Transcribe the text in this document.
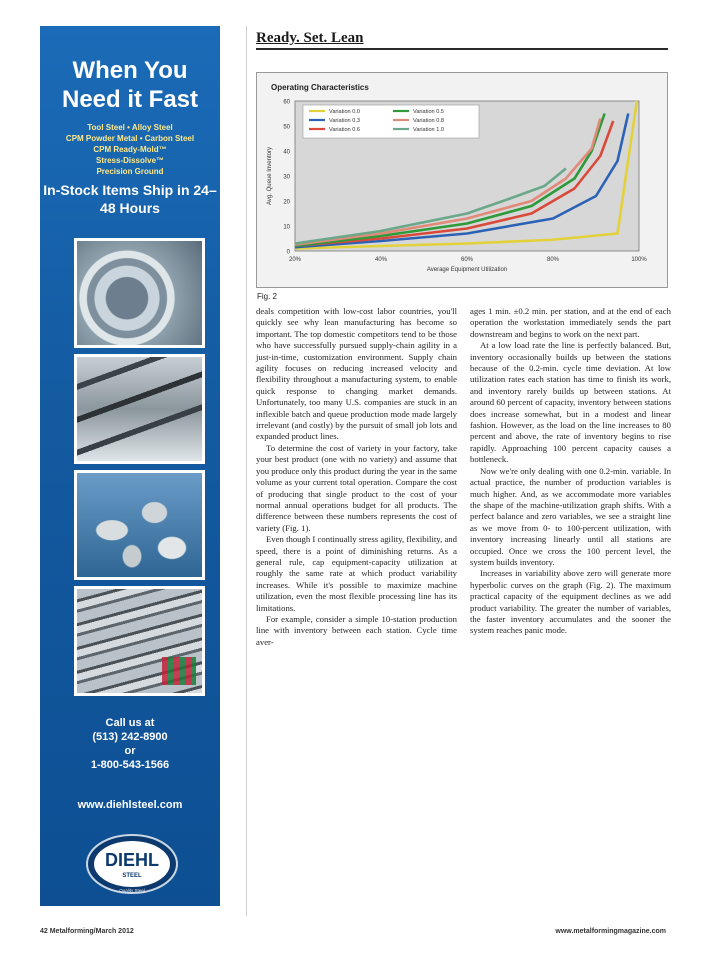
When You Need it Fast
Tool Steel • Alloy Steel
CPM Powder Metal • Carbon Steel
CPM Ready-Mold™
Stress-Dissolve™
Precision Ground
In-Stock Items Ship in 24–48 Hours
Call us at
(513) 242-8900
or
1-800-543-1566
www.diehlsteel.com
DIEHL
STEEL
Quality Steel
Ready. Set. Lean
0
10
20
30
40
50
60
20%	40%	60%	80%	100%
Average Equipment Utilization
Avg. Queue Inventory
Variation 0.0
Variation 0.3
Variation 0.6
Variation 0.5
Variation 0.8
Variation 1.0
Operating Characteristics
Fig. 2

deals competition with low-cost labor countries, you'll quickly see why lean manufacturing has become so important. The top domestic competitors tend to be those who have successfully pursued supply-chain agility in a just-in-time, customization environment. Supply chain agility focuses on reducing increased velocity and flexibility throughout a manufacturing system, to enable quick response to changing market demands. Unfortunately, too many U.S. companies are stuck in an inflexible batch and queue production mode made largely irrelevant (and costly) by the pursuit of small job lots and expanded product lines.

To determine the cost of variety in your factory, take your best product (one with no variety) and assume that you produce only this product during the year in the same volume as your current total operation. Compare the cost of producing that single product to the cost of your normal annual operations budget for all products. The difference between these numbers represents the cost of variety (Fig. 1).

Even though I continually stress agility, flexibility, and speed, there is a point of diminishing returns. As a general rule, cap equipment-capacity utilization at roughly the same rate at which product variability increases. While it's possible to maximize machine utilization, even the most flexible processing line has its limitations.

For example, consider a simple 10-station production line with inventory between each station. Cycle time aver-

ages 1 min. ±0.2 min. per station, and at the end of each operation the workstation immediately sends the part downstream and begins to work on the next part.

At a low load rate the line is perfectly balanced. But, inventory occasionally builds up between the stations because of the 0.2-min. cycle time deviation. At low utilization rates each station has time to finish its work, and inventory rarely builds up between stations. At around 60 percent of capacity, inventory between stations does increase somewhat, but in a modest and linear fashion. However, as the load on the line increases to 80 percent and above, the rate of inventory begins to rise rapidly. Approaching 100 percent capacity causes a bottleneck.

Now we're only dealing with one 0.2-min. variable. In actual practice, the number of production variables is much higher. And, as we accommodate more variables the shape of the machine-utilization graph shifts. With a perfect balance and zero variables, we see a straight line as we move from 0- to 100-percent utilization, with inventory increasing linearly until all stations are occupied. Once we cross the 100 percent level, the system builds inventory.

Increases in variability above zero will generate more hyperbolic curves on the graph (Fig. 2). The maximum practical capacity of the equipment declines as we add product variability. The greater the number of variables, the faster inventory accumulates and the sooner the system reaches panic mode.

42 Metalforming/March 2012	www.metalformingmagazine.com
